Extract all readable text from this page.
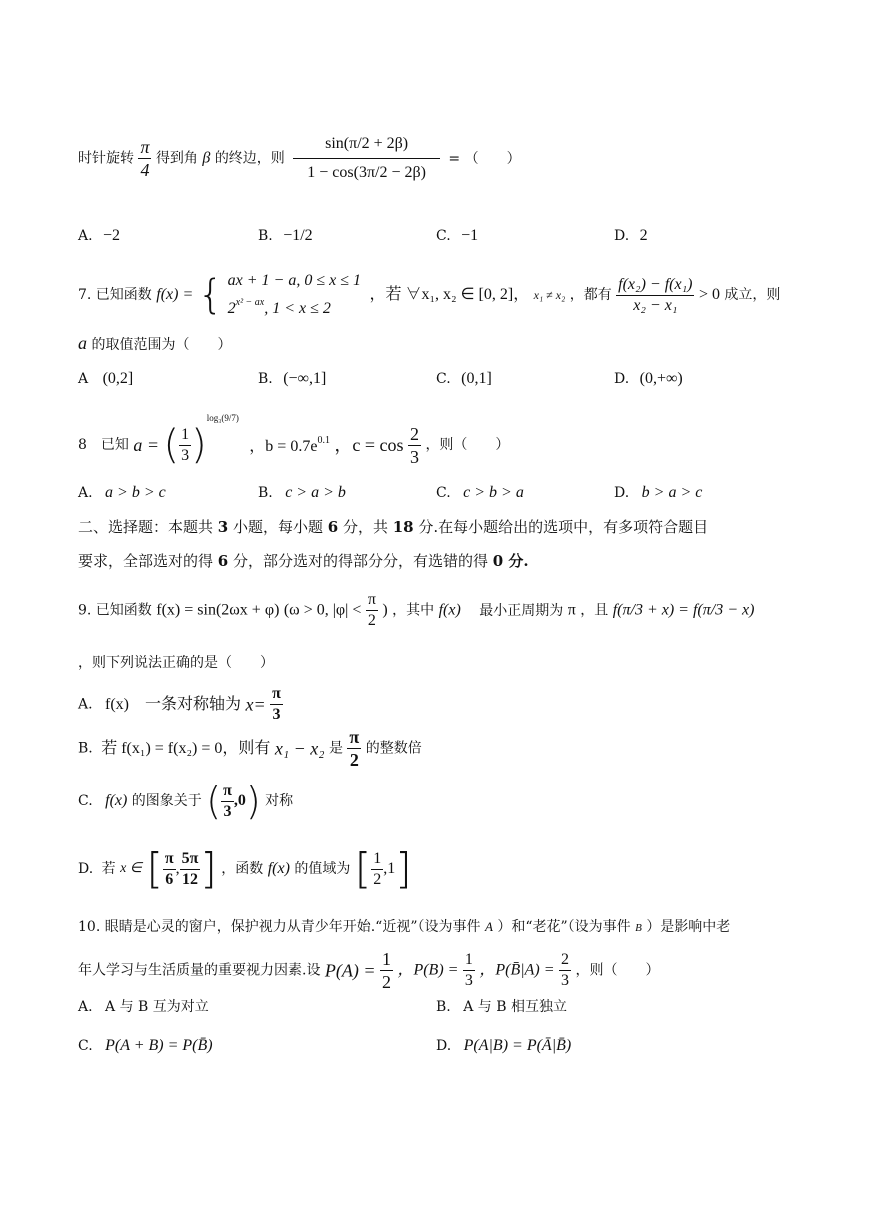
时针旋转 $\frac{\pi}{4}$ 得到角 β 的终边，则 $\frac{\sin(\pi/2 + 2\beta)}{1 - \cos(3\pi/2 - 2\beta)}$ = （　　）
A. −2	B. −1/2	C. −1	D. 2
7. 已知函数 f(x) = { ax + 1 − a, 0 ≤ x ≤ 1
$2^{x^2 - ax}$, 1 < x ≤ 2
，若 ∀x₁, x₂ ∈ [0, 2]， x₁ ≠ x₂ ，都有 $\frac{\text{f(x₂) − f(x₁)}}{\text{x₂ − x₁}} > 0$ 成立，则
a 的取值范围为（　　）
A (0,2]	B. (−∞,1]	C. (0,1]	D. (0,+∞)
8　已知 a = ( $\frac{1}{3} )^{log_3(9/7)}$ ，$b = 0.7e^{0.1}$ ，$c = \cos \frac{2}{3}$ ，则（　　）
A. a > b > c	B. c > a > b	C. c > b > a	D. b > a > c
二、选择题：本题共 3 小题，每小题 6 分，共 18 分.在每小题给出的选项中，有多项符合题目
要求，全部选对的得 6 分，部分选对的得部分分，有选错的得 0 分.
9. 已知函数 f(x) = sin(2ωx + φ) (ω > 0, $|\varphi| < \frac{\pi}{2}$ ) ，其中 f(x) 最小正周期为 π ，且 f(π/3 + x) = f(π/3 − x)
，则下列说法正确的是（　　）
A. f(x)　一条对称轴为 $x= \frac{\pi}{3}$
B. 若 f(x₁) = f(x₂) = 0，则有 x₁ − x₂ 是 $\frac{\pi}{2}$ 的整数倍
C. f(x) 的图象关于 ( $\frac{\pi}{3} ,0$) 对称
D. 若 x ∈ [ $\frac{\pi}{6}$ , $\frac{5\pi}{12}$ ] ，函数 f(x) 的值域为 [ $\frac{1}{2} ,1$]
10. 眼睛是心灵的窗户，保护视力从青少年开始.“近视”（设为事件 A ）和“老花”（设为事件 B ）是影响中老
年人学习与生活质量的重要视力因素.设 $P(A) = \frac{1}{2}$ ，$P(B) = \frac{1}{3}$ ，P(B̄|A) = $\frac{2}{3}$ ，则（　　）
A. A 与 B 互为对立	B. A 与 B 相互独立
C. P(A + B) = P(B̄)	D. P(A|B) = P(Ā|B̄)
